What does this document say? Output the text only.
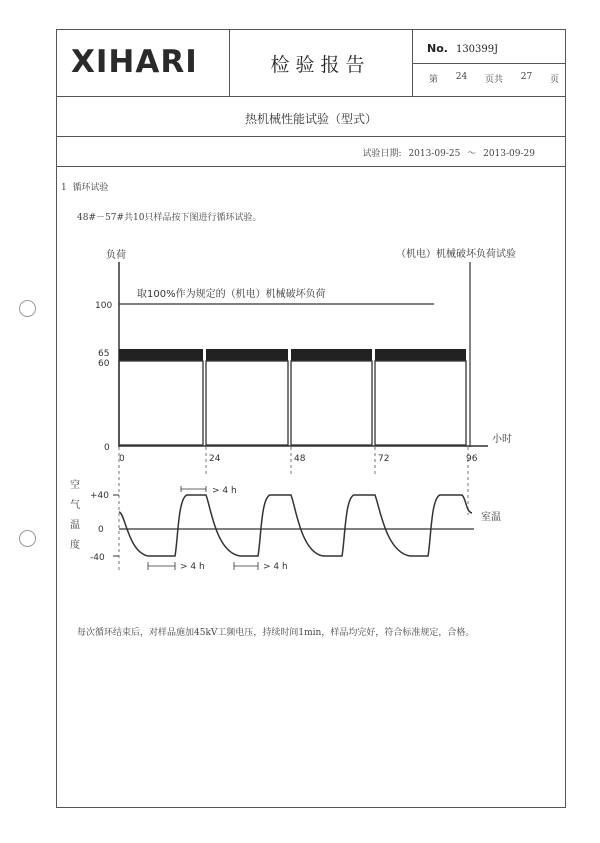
XIHARI	检验报告
No. 130399J
第 24 页共 27 页
热机械性能试验（型式）
试验日期: 2013-09-25 ～ 2013-09-29
1 循环试验
48#－57#共10只样品按下图进行循环试验。
每次循环结束后，对样品施加45kV工频电压，持续时间1min，样品均完好，符合标准规定，合格。
负荷	（机电）机械破坏负荷试验
取100%作为规定的（机电）机械破坏负荷
100
65
60
0
小时
0	24	48	72	96
空
气
温
度
+40
0
-40
室温
> 4 h
> 4 h	> 4 h
